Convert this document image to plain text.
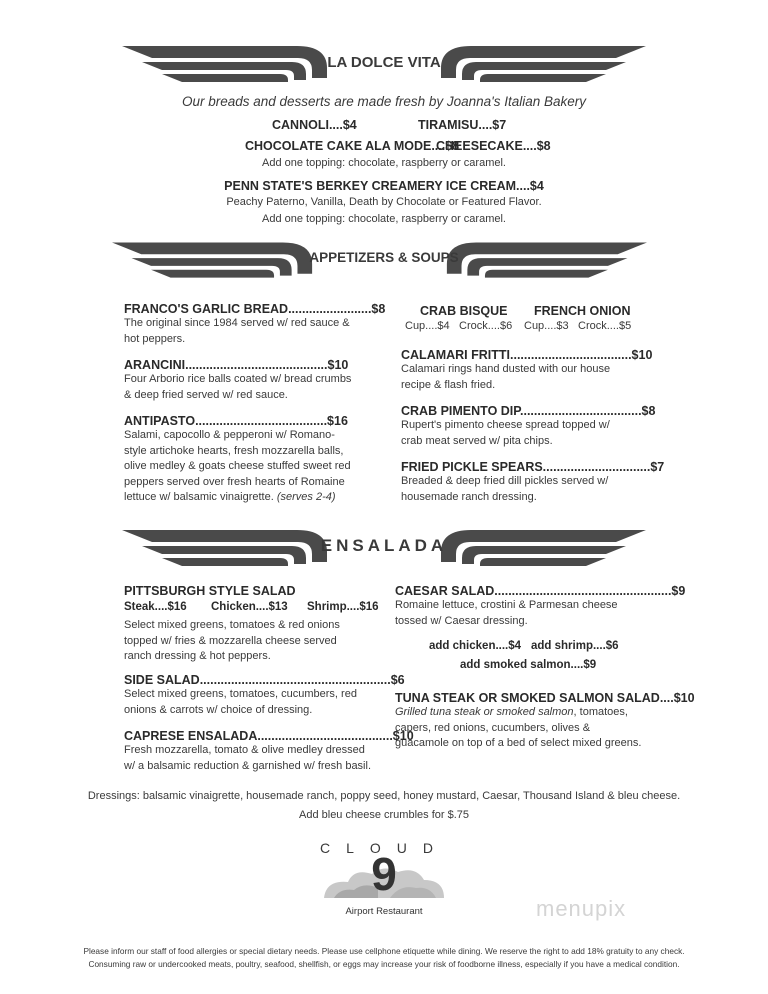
LA DOLCE VITA
Our breads and desserts are made fresh by Joanna's Italian Bakery
CANNOLI....$4	TIRAMISU....$7
CHOCOLATE CAKE ALA MODE....$8
CHEESECAKE....$8
Add one topping: chocolate, raspberry or caramel.
PENN STATE'S BERKEY CREAMERY ICE CREAM....$4
Peachy Paterno, Vanilla, Death by Chocolate or Featured Flavor.
Add one topping: chocolate, raspberry or caramel.
APPETIZERS & SOUPS
FRANCO'S GARLIC BREAD........................$8
The original since 1984 served w/ red sauce & hot peppers.
ARANCINI.........................................$10
Four Arborio rice balls coated w/ bread crumbs & deep fried served w/ red sauce.
ANTIPASTO......................................$16
Salami, capocollo & pepperoni w/ Romano-style artichoke hearts, fresh mozzarella balls, olive medley & goats cheese stuffed sweet red peppers served over fresh hearts of Romaine lettuce w/ balsamic vinaigrette. (serves 2-4)
CRAB BISQUE FRENCH ONION
Cup....$4 Crock....$6 Cup....$3 Crock....$5
CALAMARI FRITTI...................................$10
Calamari rings hand dusted with our house recipe & flash fried.
CRAB PIMENTO DIP...................................$8
Rupert's pimento cheese spread topped w/ crab meat served w/ pita chips.
FRIED PICKLE SPEARS...............................$7
Breaded & deep fried dill pickles served w/ housemade ranch dressing.
ENSALADA
PITTSBURGH STYLE SALAD
Steak....$16 Chicken....$13 Shrimp....$16
Select mixed greens, tomatoes & red onions topped w/ fries & mozzarella cheese served ranch dressing & hot peppers.
SIDE SALAD.......................................................$6
Select mixed greens, tomatoes, cucumbers, red onions & carrots w/ choice of dressing.
CAPRESE ENSALADA.......................................$10
Fresh mozzarella, tomato & olive medley dressed w/ a balsamic reduction & garnished w/ fresh basil.
CAESAR SALAD...................................................$9
Romaine lettuce, crostini & Parmesan cheese tossed w/ Caesar dressing.
add chicken....$4 add shrimp....$6
add smoked salmon....$9
TUNA STEAK OR SMOKED SALMON SALAD....$10
Grilled tuna steak or smoked salmon, tomatoes, capers, red onions, cucumbers, olives & guacamole on top of a bed of select mixed greens.
Dressings: balsamic vinaigrette, housemade ranch, poppy seed, honey mustard, Caesar, Thousand Island & bleu cheese.
Add bleu cheese crumbles for $.75
CLOUD
9
Airport Restaurant	menupix
Please inform our staff of food allergies or special dietary needs. Please use cellphone etiquette while dining. We reserve the right to add 18% gratuity to any check.
Consuming raw or undercooked meats, poultry, seafood, shellfish, or eggs may increase your risk of foodborne illness, especially if you have a medical condition.
